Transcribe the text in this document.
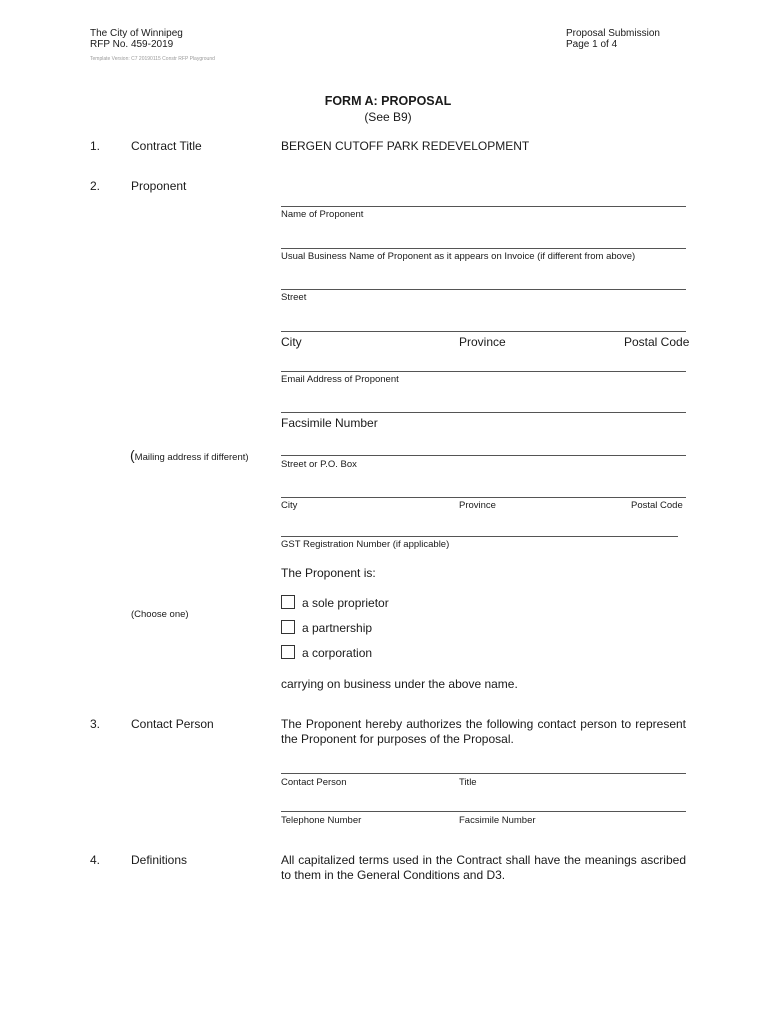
The City of Winnipeg
RFP No. 459-2019
Template Version: C7 20190115 Constr RFP Playground
Proposal Submission
Page 1 of 4
FORM A: PROPOSAL
(See B9)
1.	Contract Title	BERGEN CUTOFF PARK REDEVELOPMENT
2.	Proponent
Name of Proponent
Usual Business Name of Proponent as it appears on Invoice (if different from above)
Street
City	Province	Postal Code
Email Address of Proponent
Facsimile Number
(Mailing address if different)
Street or P.O. Box
City	Province	Postal Code
GST Registration Number (if applicable)
The Proponent is:
(Choose one)
a sole proprietor
a partnership
a corporation
carrying on business under the above name.
3.	Contact Person	The Proponent hereby authorizes the following contact person to represent the Proponent for purposes of the Proposal.
Contact Person	Title
Telephone Number	Facsimile Number
4.	Definitions	All capitalized terms used in the Contract shall have the meanings ascribed to them in the General Conditions and D3.
